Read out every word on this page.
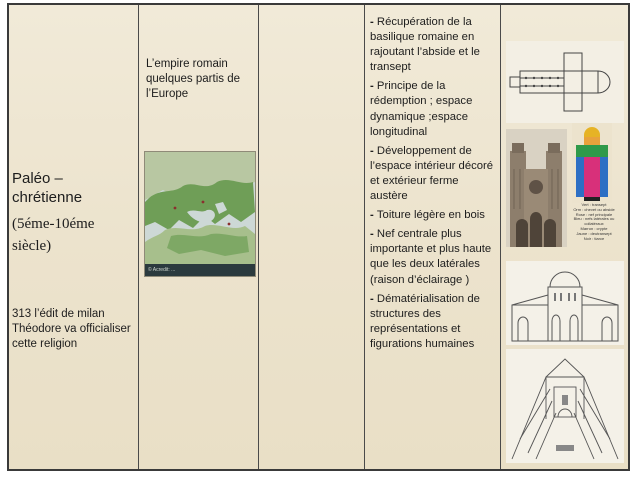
Paléo – chrétienne
(5éme-10éme siècle)
313 l’édit de milan Théodore va officialiser cette religion
L’empire romain quelques partis de l’Europe
© Acredit: ...
- Récupération de la basilique romaine en rajoutant l’abside et le transept
- Principe de la rédemption ; espace dynamique ;espace longitudinal
- Développement de l’espace intérieur décoré et extérieur ferme austère
- Toiture légère en bois
- Nef centrale plus importante et plus haute que les deux latérales (raison d’éclairage )
- Dématérialisation de structures des représentations et figurations humaines
Vert : transept
Orm : chevet ou abside
Rose : nef principale
Bleu : nefs latérales ou collatéraux
Marron : crypte
Jaune : deutransept
Noir : tiarce
